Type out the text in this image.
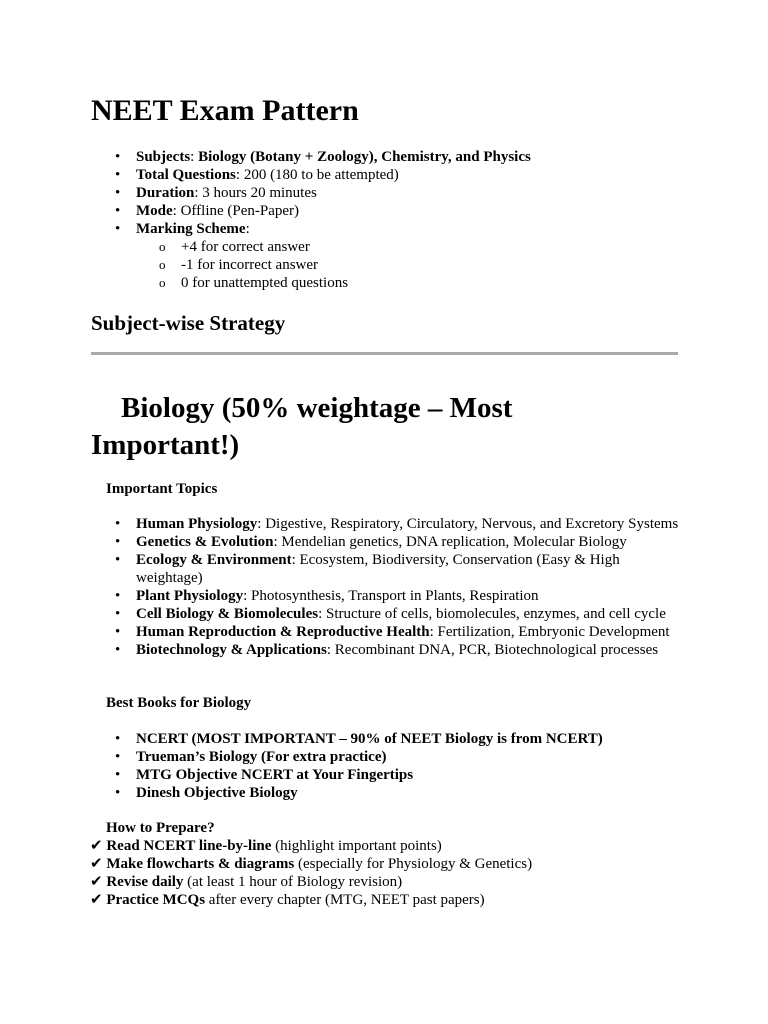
NEET Exam Pattern
• Subjects: Biology (Botany + Zoology), Chemistry, and Physics
• Total Questions: 200 (180 to be attempted)
• Duration: 3 hours 20 minutes
• Mode: Offline (Pen-Paper)
• Marking Scheme:
o +4 for correct answer
o -1 for incorrect answer
o 0 for unattempted questions
Subject-wise Strategy
Biology (50% weightage – Most Important!)
Important Topics
• Human Physiology: Digestive, Respiratory, Circulatory, Nervous, and Excretory Systems
• Genetics & Evolution: Mendelian genetics, DNA replication, Molecular Biology
• Ecology & Environment: Ecosystem, Biodiversity, Conservation (Easy & High weightage)
• Plant Physiology: Photosynthesis, Transport in Plants, Respiration
• Cell Biology & Biomolecules: Structure of cells, biomolecules, enzymes, and cell cycle
• Human Reproduction & Reproductive Health: Fertilization, Embryonic Development
• Biotechnology & Applications: Recombinant DNA, PCR, Biotechnological processes
Best Books for Biology
• NCERT (MOST IMPORTANT – 90% of NEET Biology is from NCERT)
• Trueman’s Biology (For extra practice)
• MTG Objective NCERT at Your Fingertips
• Dinesh Objective Biology
How to Prepare?
✔ Read NCERT line-by-line (highlight important points)
✔ Make flowcharts & diagrams (especially for Physiology & Genetics)
✔ Revise daily (at least 1 hour of Biology revision)
✔ Practice MCQs after every chapter (MTG, NEET past papers)
